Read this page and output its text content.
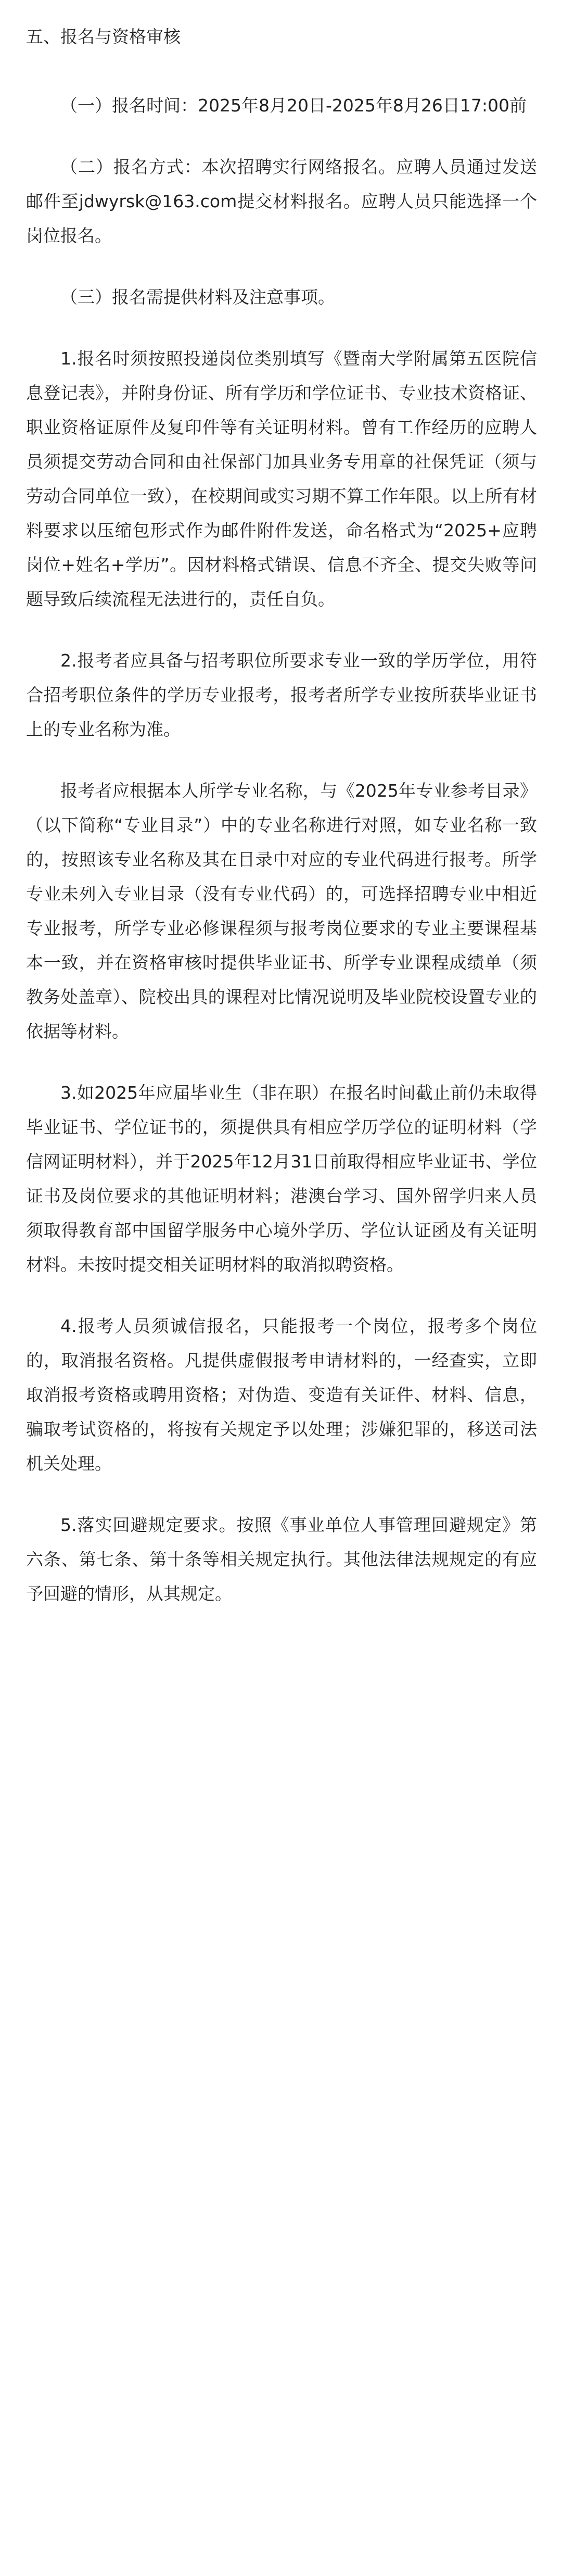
五、报名与资格审核

（一）报名时间：2025年8月20日-2025年8月26日17:00前

（二）报名方式：本次招聘实行网络报名。应聘人员通过发送邮件至jdwyrsk@163.com提交材料报名。应聘人员只能选择一个岗位报名。

（三）报名需提供材料及注意事项。

1.报名时须按照投递岗位类别填写《暨南大学附属第五医院信息登记表》，并附身份证、所有学历和学位证书、专业技术资格证、职业资格证原件及复印件等有关证明材料。曾有工作经历的应聘人员须提交劳动合同和由社保部门加具业务专用章的社保凭证（须与劳动合同单位一致），在校期间或实习期不算工作年限。以上所有材料要求以压缩包形式作为邮件附件发送，命名格式为“2025+应聘岗位+姓名+学历”。因材料格式错误、信息不齐全、提交失败等问题导致后续流程无法进行的，责任自负。

2.报考者应具备与招考职位所要求专业一致的学历学位，用符合招考职位条件的学历专业报考，报考者所学专业按所获毕业证书上的专业名称为准。

报考者应根据本人所学专业名称，与《2025年专业参考目录》（以下简称“专业目录”）中的专业名称进行对照，如专业名称一致的，按照该专业名称及其在目录中对应的专业代码进行报考。所学专业未列入专业目录（没有专业代码）的，可选择招聘专业中相近专业报考，所学专业必修课程须与报考岗位要求的专业主要课程基本一致，并在资格审核时提供毕业证书、所学专业课程成绩单（须教务处盖章）、院校出具的课程对比情况说明及毕业院校设置专业的依据等材料。

3.如2025年应届毕业生（非在职）在报名时间截止前仍未取得毕业证书、学位证书的，须提供具有相应学历学位的证明材料（学信网证明材料），并于2025年12月31日前取得相应毕业证书、学位证书及岗位要求的其他证明材料；港澳台学习、国外留学归来人员须取得教育部中国留学服务中心境外学历、学位认证函及有关证明材料。未按时提交相关证明材料的取消拟聘资格。

4.报考人员须诚信报名，只能报考一个岗位，报考多个岗位的，取消报名资格。凡提供虚假报考申请材料的，一经查实，立即取消报考资格或聘用资格；对伪造、变造有关证件、材料、信息，骗取考试资格的，将按有关规定予以处理；涉嫌犯罪的，移送司法机关处理。

5.落实回避规定要求。按照《事业单位人事管理回避规定》第六条、第七条、第十条等相关规定执行。其他法律法规规定的有应予回避的情形，从其规定。
